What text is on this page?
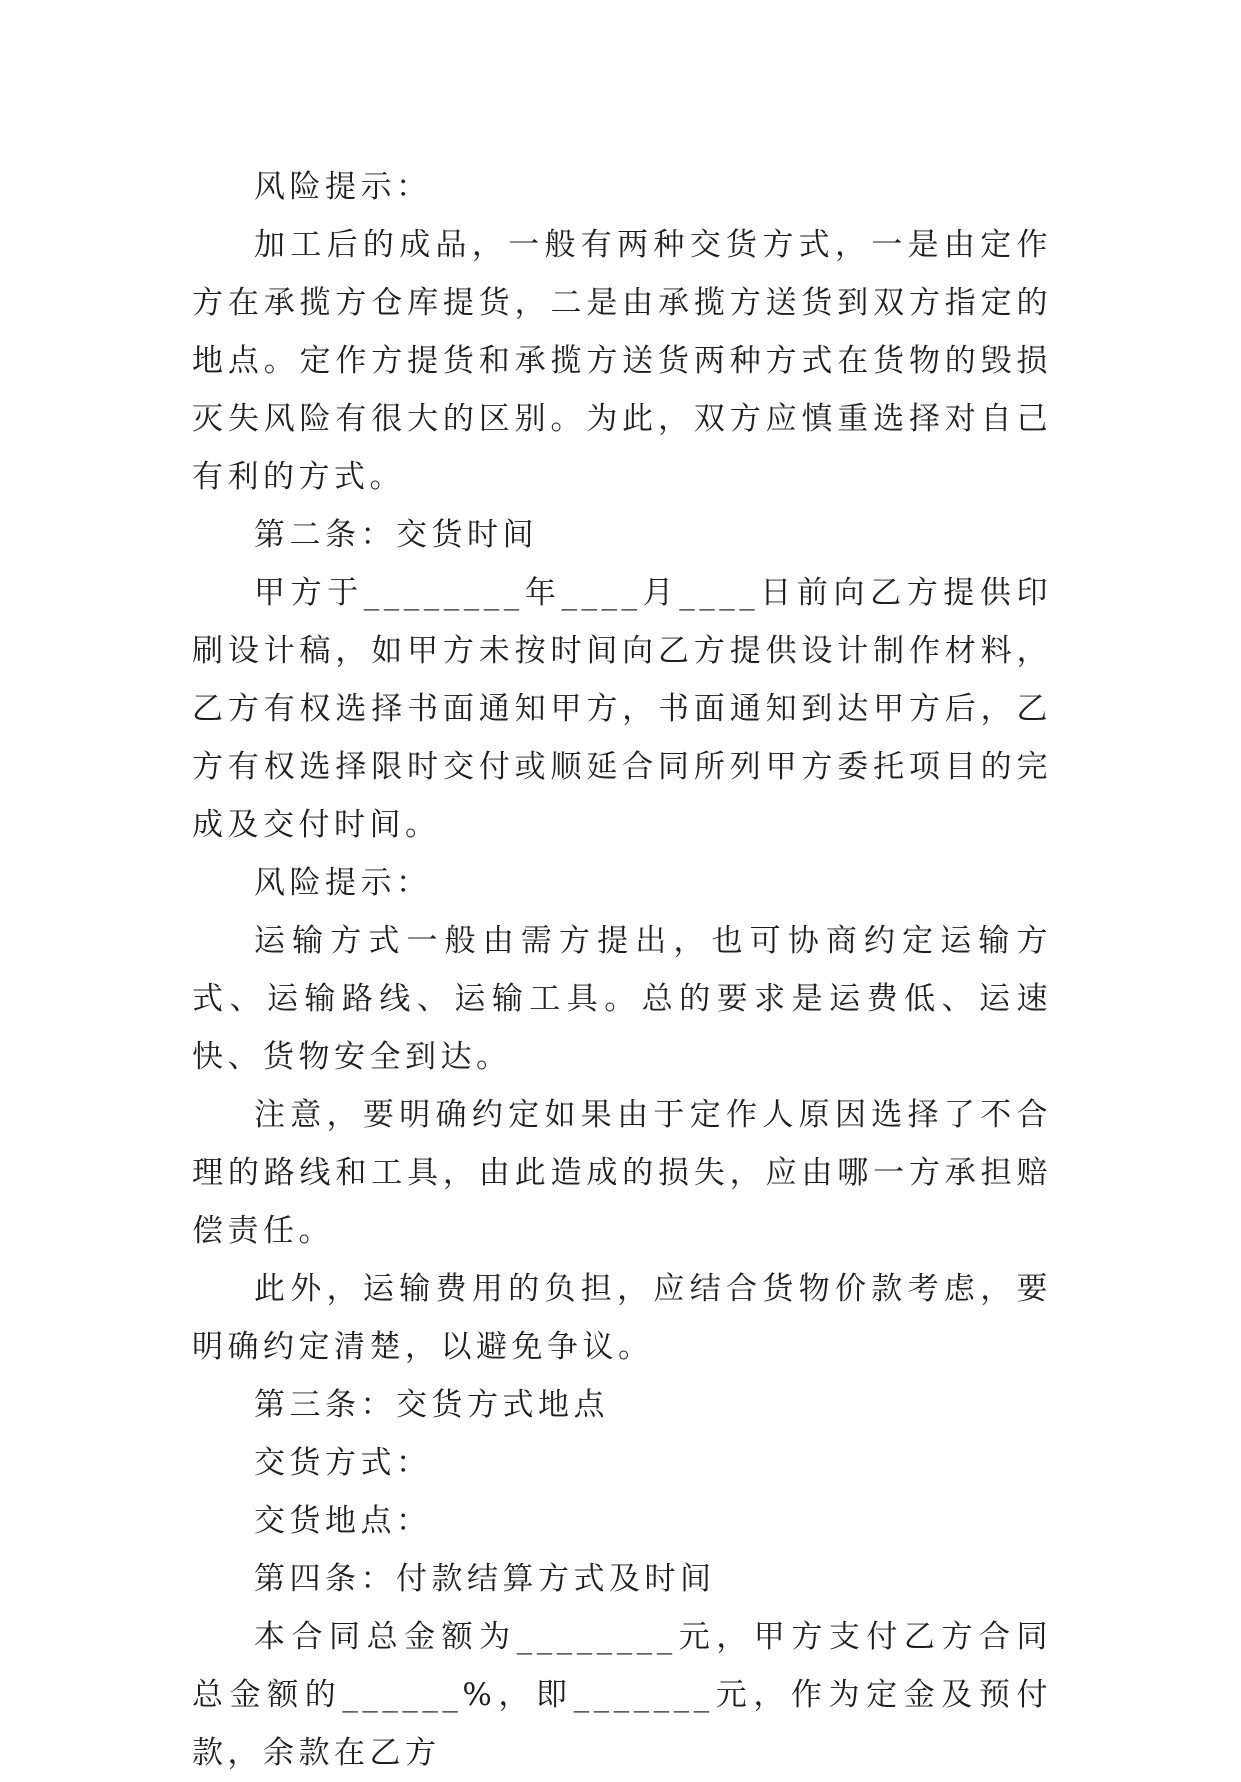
风险提示：

加工后的成品，一般有两种交货方式，一是由定作方在承揽方仓库提货，二是由承揽方送货到双方指定的地点。定作方提货和承揽方送货两种方式在货物的毁损灭失风险有很大的区别。为此，双方应慎重选择对自己有利的方式。

第二条：交货时间

甲方于________年____月____日前向乙方提供印刷设计稿，如甲方未按时间向乙方提供设计制作材料，乙方有权选择书面通知甲方，书面通知到达甲方后，乙方有权选择限时交付或顺延合同所列甲方委托项目的完成及交付时间。

风险提示：

运输方式一般由需方提出，也可协商约定运输方式、运输路线、运输工具。总的要求是运费低、运速快、货物安全到达。

注意，要明确约定如果由于定作人原因选择了不合理的路线和工具，由此造成的损失，应由哪一方承担赔偿责任。

此外，运输费用的负担，应结合货物价款考虑，要明确约定清楚，以避免争议。

第三条：交货方式地点

交货方式：

交货地点：

第四条：付款结算方式及时间

本合同总金额为________元，甲方支付乙方合同总金额的______%，即_______元，作为定金及预付款，余款在乙方
